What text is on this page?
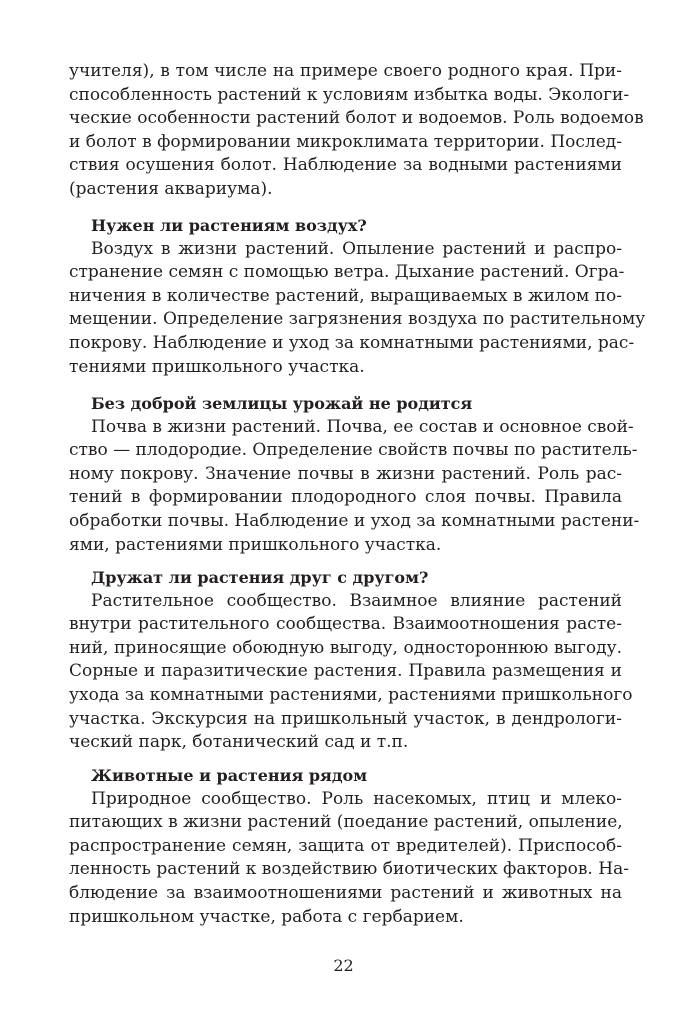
учителя), в том числе на примере своего родного края. При-
способленность растений к условиям избытка воды. Экологи-
ческие особенности растений болот и водоемов. Роль водоемов
и болот в формировании микроклимата территории. Послед-
ствия осушения болот. Наблюдение за водными растениями
(растения аквариума).
Нужен ли растениям воздух?
Воздух в жизни растений. Опыление растений и распро-
странение семян с помощью ветра. Дыхание растений. Огра-
ничения в количестве растений, выращиваемых в жилом по-
мещении. Определение загрязнения воздуха по растительному
покрову. Наблюдение и уход за комнатными растениями, рас-
тениями пришкольного участка.
Без доброй землицы урожай не родится
Почва в жизни растений. Почва, ее состав и основное свой-
ство — плодородие. Определение свойств почвы по раститель-
ному покрову. Значение почвы в жизни растений. Роль рас-
тений в формировании плодородного слоя почвы. Правила
обработки почвы. Наблюдение и уход за комнатными растени-
ями, растениями пришкольного участка.
Дружат ли растения друг с другом?
Растительное сообщество. Взаимное влияние растений
внутри растительного сообщества. Взаимоотношения расте-
ний, приносящие обоюдную выгоду, одностороннюю выгоду.
Сорные и паразитические растения. Правила размещения и
ухода за комнатными растениями, растениями пришкольного
участка. Экскурсия на пришкольный участок, в дендрологи-
ческий парк, ботанический сад и т.п.
Животные и растения рядом
Природное сообщество. Роль насекомых, птиц и млеко-
питающих в жизни растений (поедание растений, опыление,
распространение семян, защита от вредителей). Приспособ-
ленность растений к воздействию биотических факторов. На-
блюдение за взаимоотношениями растений и животных на
пришкольном участке, работа с гербарием.
22
